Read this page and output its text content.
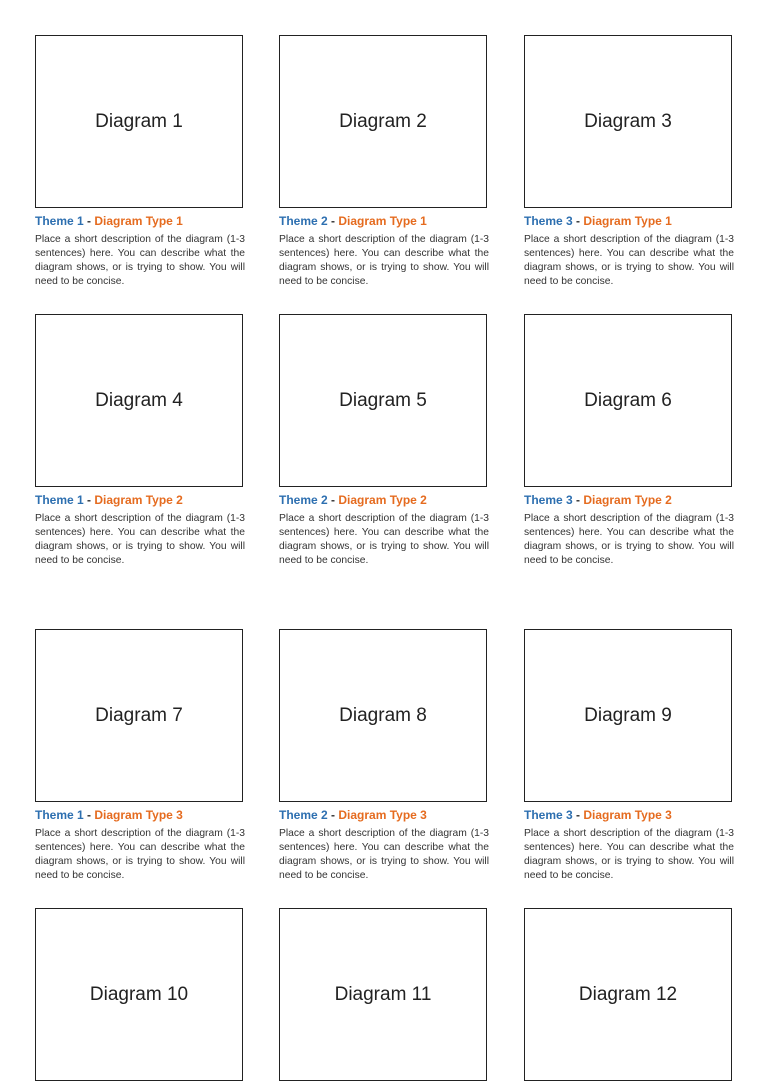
Diagram 1
Theme 1 - Diagram Type 1
Place a short description of the diagram (1-3 sentences) here. You can describe what the diagram shows, or is trying to show. You will need to be concise.
Diagram 2
Theme 2 - Diagram Type 1
Place a short description of the diagram (1-3 sentences) here. You can describe what the diagram shows, or is trying to show. You will need to be concise.
Diagram 3
Theme 3 - Diagram Type 1
Place a short description of the diagram (1-3 sentences) here. You can describe what the diagram shows, or is trying to show. You will need to be concise.
Diagram 4
Theme 1 - Diagram Type 2
Place a short description of the diagram (1-3 sentences) here. You can describe what the diagram shows, or is trying to show. You will need to be concise.
Diagram 5
Theme 2 - Diagram Type 2
Place a short description of the diagram (1-3 sentences) here. You can describe what the diagram shows, or is trying to show. You will need to be concise.
Diagram 6
Theme 3 - Diagram Type 2
Place a short description of the diagram (1-3 sentences) here. You can describe what the diagram shows, or is trying to show. You will need to be concise.
Diagram 7
Theme 1 - Diagram Type 3
Place a short description of the diagram (1-3 sentences) here. You can describe what the diagram shows, or is trying to show. You will need to be concise.
Diagram 8
Theme 2 - Diagram Type 3
Place a short description of the diagram (1-3 sentences) here. You can describe what the diagram shows, or is trying to show. You will need to be concise.
Diagram 9
Theme 3 - Diagram Type 3
Place a short description of the diagram (1-3 sentences) here. You can describe what the diagram shows, or is trying to show. You will need to be concise.
Diagram 10	Diagram 11	Diagram 12
